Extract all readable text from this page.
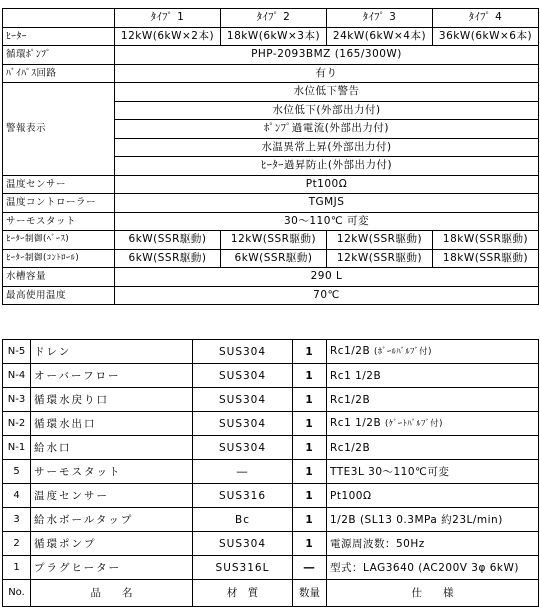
	ﾀｲﾌﾟ 1	ﾀｲﾌﾟ 2	ﾀｲﾌﾟ 3	ﾀｲﾌﾟ 4
ﾋｰﾀｰ	12kW(6kW×2本)	18kW(6kW×3本)	24kW(6kW×4本)	36kW(6kW×6本)
循環ﾎﾟﾝﾌﾟ	PHP-2093BMZ (165/300W)			
ﾊﾞｲﾊﾟｽ回路	有り			
警報表示	水位低下警告			
	水位低下(外部出力付)			
	ﾎﾟﾝﾌﾟ過電流(外部出力付)			
	水温異常上昇(外部出力付)			
	ﾋｰﾀｰ過昇防止(外部出力付)			
温度センサー	Pt100Ω			
温度コントローラー	TGMJS			
サーモスタット	30～110℃ 可変			
ﾋｰﾀｰ制御(ﾍﾞｰｽ)	6kW(SSR駆動)	12kW(SSR駆動)	12kW(SSR駆動)	18kW(SSR駆動)
ﾋｰﾀｰ制御(ｺﾝﾄﾛｰﾙ)	6kW(SSR駆動)	6kW(SSR駆動)	12kW(SSR駆動)	18kW(SSR駆動)
水槽容量	290 L			
最高使用温度	70℃			
N-5	ドレン	SUS304	1	Rc1/2B (ﾎﾞｰﾙﾊﾞﾙﾌﾞ付)
N-4	オーバーフロー	SUS304	1	Rc1 1/2B
N-3	循環水戻り口	SUS304	1	Rc1/2B
N-2	循環水出口	SUS304	1	Rc1 1/2B (ｹﾞｰﾄﾊﾞﾙﾌﾞ付)
N-1	給水口	SUS304	1	Rc1/2B
5	サーモスタット	―	1	TTE3L 30～110℃可変
4	温度センサー	SUS316	1	Pt100Ω
3	給水ボールタップ	Bc	1	1/2B (SL13 0.3MPa 約23L/min)
2	循環ポンプ	SUS304	1	電源周波数：50Hz
1	プラグヒーター	SUS316L	―	型式：LAG3640 (AC200V 3φ 6kW)
No.	品　　名	材　質	数量	仕　　様
